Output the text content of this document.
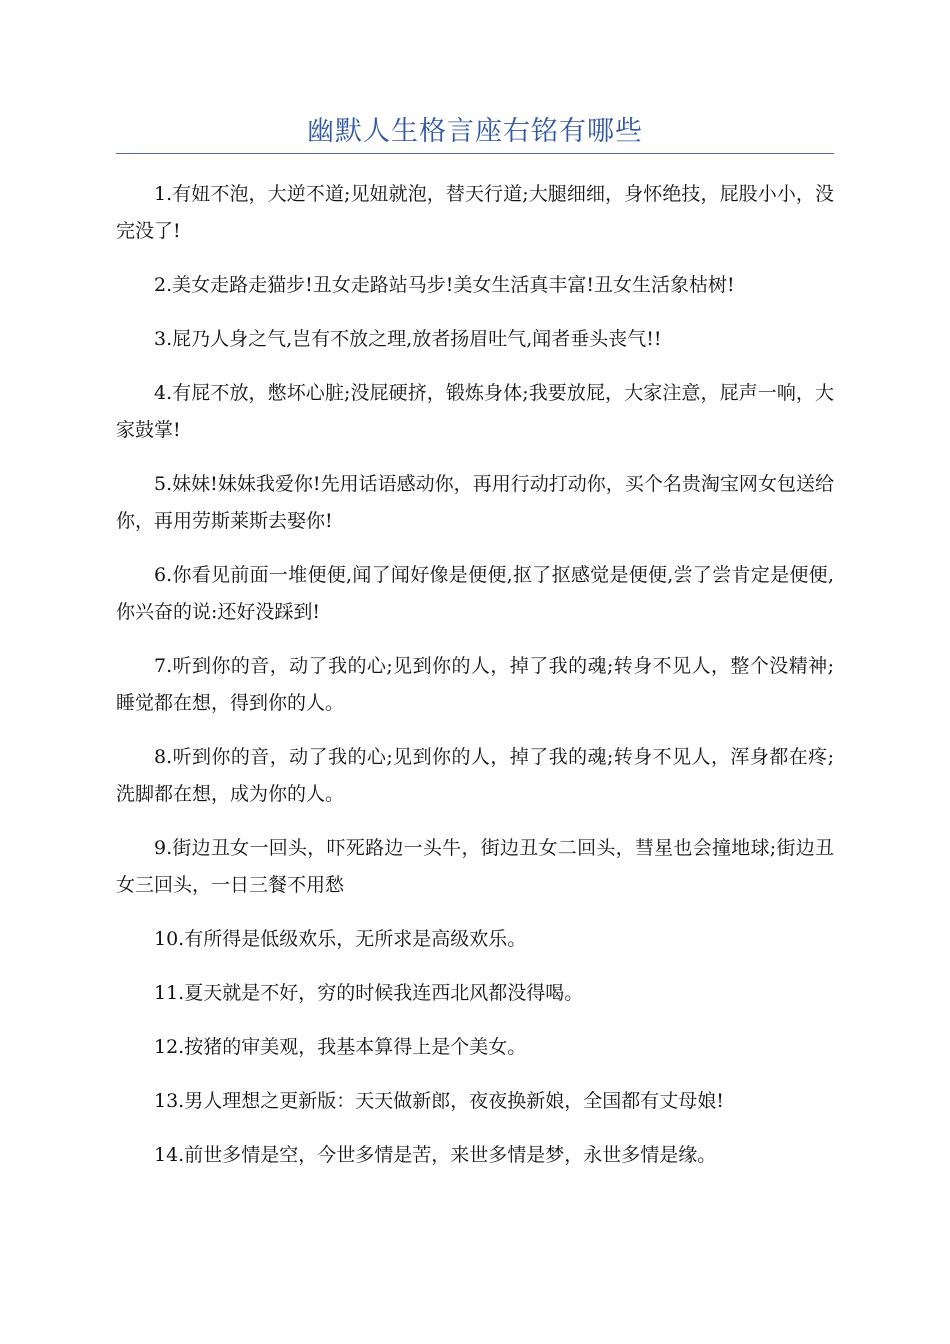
幽默人生格言座右铭有哪些

1.有妞不泡，大逆不道;见妞就泡，替天行道;大腿细细，身怀绝技，屁股小小，没完没了!

2.美女走路走猫步!丑女走路站马步!美女生活真丰富!丑女生活象枯树!

3.屁乃人身之气,岂有不放之理,放者扬眉吐气,闻者垂头丧气!!

4.有屁不放，憋坏心脏;没屁硬挤，锻炼身体;我要放屁，大家注意，屁声一响，大家鼓掌!

5.妹妹!妹妹我爱你!先用话语感动你，再用行动打动你，买个名贵淘宝网女包送给你，再用劳斯莱斯去娶你!

6.你看见前面一堆便便,闻了闻好像是便便,抠了抠感觉是便便,尝了尝肯定是便便,你兴奋的说:还好没踩到!

7.听到你的音，动了我的心;见到你的人，掉了我的魂;转身不见人，整个没精神;睡觉都在想，得到你的人。

8.听到你的音，动了我的心;见到你的人，掉了我的魂;转身不见人，浑身都在疼;洗脚都在想，成为你的人。

9.街边丑女一回头，吓死路边一头牛，街边丑女二回头，彗星也会撞地球;街边丑女三回头，一日三餐不用愁

10.有所得是低级欢乐，无所求是高级欢乐。

11.夏天就是不好，穷的时候我连西北风都没得喝。

12.按猪的审美观，我基本算得上是个美女。

13.男人理想之更新版：天天做新郎，夜夜换新娘，全国都有丈母娘!

14.前世多情是空，今世多情是苦，来世多情是梦，永世多情是缘。
